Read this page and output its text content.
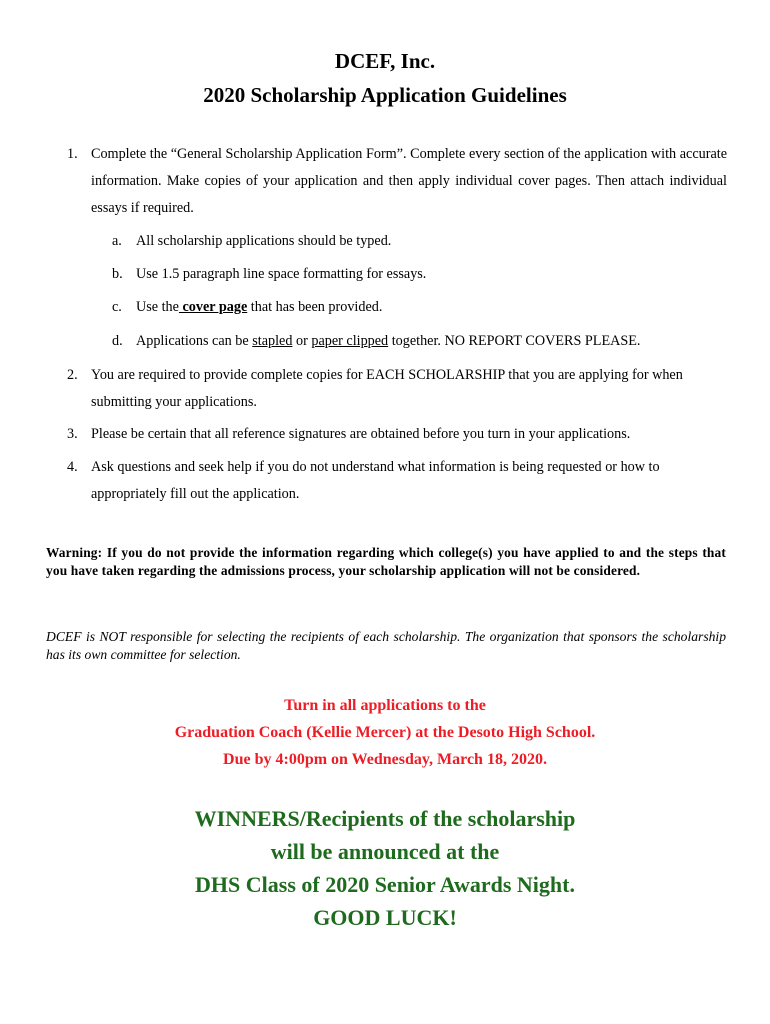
DCEF, Inc.
2020 Scholarship Application Guidelines
1. Complete the “General Scholarship Application Form”. Complete every section of the application with accurate information. Make copies of your application and then apply individual cover pages. Then attach individual essays if required.
a. All scholarship applications should be typed.
b. Use 1.5 paragraph line space formatting for essays.
c. Use the cover page that has been provided.
d. Applications can be stapled or paper clipped together. NO REPORT COVERS PLEASE.
2. You are required to provide complete copies for EACH SCHOLARSHIP that you are applying for when submitting your applications.
3. Please be certain that all reference signatures are obtained before you turn in your applications.
4. Ask questions and seek help if you do not understand what information is being requested or how to appropriately fill out the application.
Warning: If you do not provide the information regarding which college(s) you have applied to and the steps that you have taken regarding the admissions process, your scholarship application will not be considered.
DCEF is NOT responsible for selecting the recipients of each scholarship. The organization that sponsors the scholarship has its own committee for selection.
Turn in all applications to the
Graduation Coach (Kellie Mercer) at the Desoto High School.
Due by 4:00pm on Wednesday, March 18, 2020.
WINNERS/Recipients of the scholarship
will be announced at the
DHS Class of 2020 Senior Awards Night.
GOOD LUCK!
